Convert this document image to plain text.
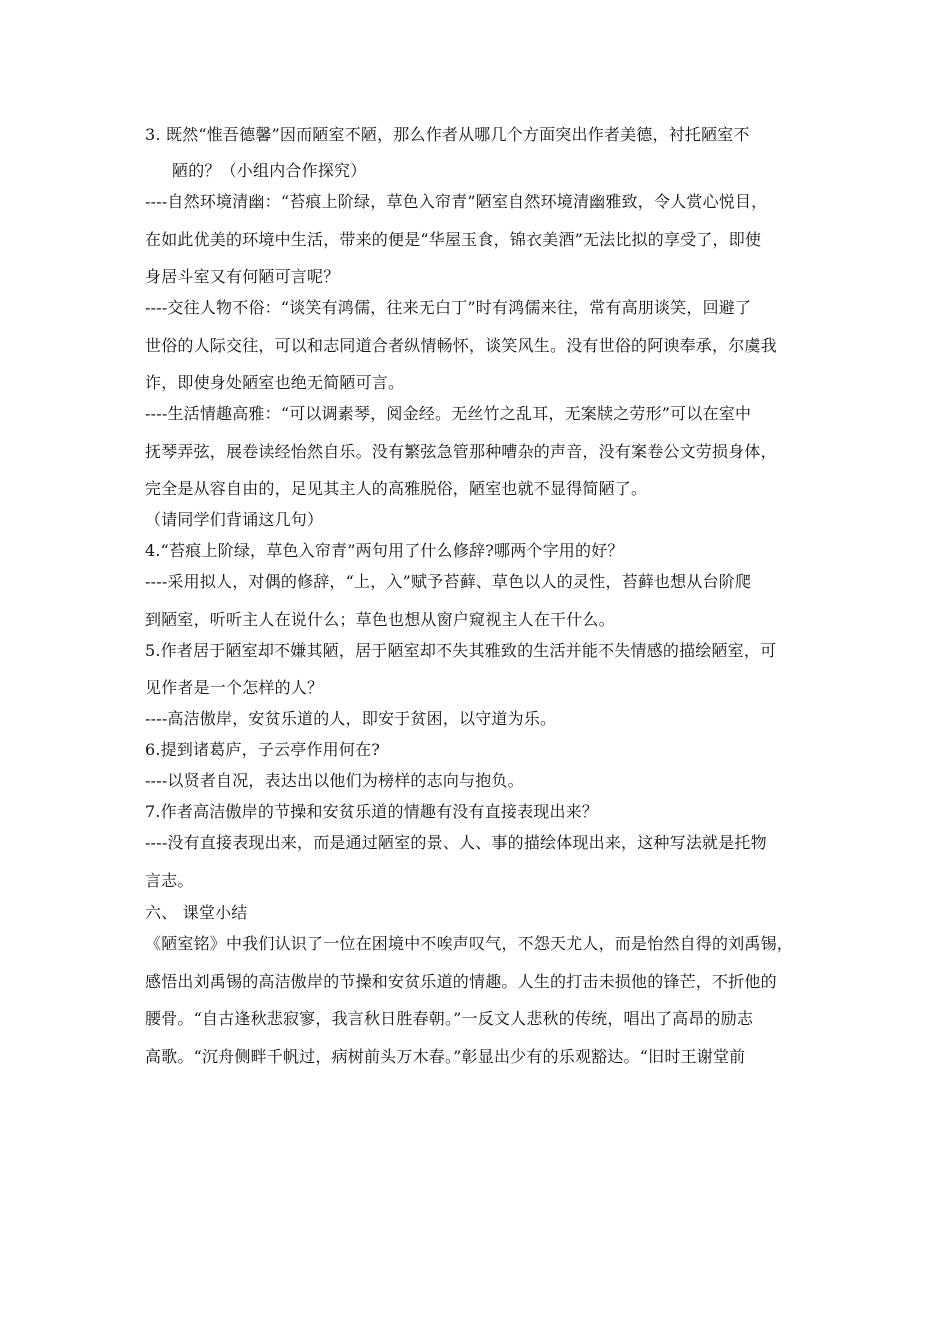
3. 既然“惟吾德馨”因而陋室不陋，那么作者从哪几个方面突出作者美德，衬托陋室不

陋的？（小组内合作探究）

----自然环境清幽：“苔痕上阶绿，草色入帘青”陋室自然环境清幽雅致，令人赏心悦目，

在如此优美的环境中生活，带来的便是“华屋玉食，锦衣美酒”无法比拟的享受了，即使

身居斗室又有何陋可言呢？

----交往人物不俗：“谈笑有鸿儒，往来无白丁”时有鸿儒来往，常有高朋谈笑，回避了

世俗的人际交往，可以和志同道合者纵情畅怀，谈笑风生。没有世俗的阿谀奉承，尔虞我

诈，即使身处陋室也绝无简陋可言。

----生活情趣高雅：“可以调素琴，阅金经。无丝竹之乱耳，无案牍之劳形”可以在室中

抚琴弄弦，展卷读经怡然自乐。没有繁弦急管那种嘈杂的声音，没有案卷公文劳损身体，

完全是从容自由的，足见其主人的高雅脱俗，陋室也就不显得简陋了。

（请同学们背诵这几句）

4.“苔痕上阶绿，草色入帘青”两句用了什么修辞?哪两个字用的好？

----采用拟人，对偶的修辞，“上，入”赋予苔藓、草色以人的灵性，苔藓也想从台阶爬

到陋室，听听主人在说什么；草色也想从窗户窥视主人在干什么。

5.作者居于陋室却不嫌其陋，居于陋室却不失其雅致的生活并能不失情感的描绘陋室，可

见作者是一个怎样的人？

----高洁傲岸，安贫乐道的人，即安于贫困，以守道为乐。

6.提到诸葛庐，子云亭作用何在?

----以贤者自况，表达出以他们为榜样的志向与抱负。

7.作者高洁傲岸的节操和安贫乐道的情趣有没有直接表现出来？

----没有直接表现出来，而是通过陋室的景、人、事的描绘体现出来，这种写法就是托物

言志。

六、 课堂小结

《陋室铭》中我们认识了一位在困境中不唉声叹气，不怨天尤人，而是怡然自得的刘禹锡，

感悟出刘禹锡的高洁傲岸的节操和安贫乐道的情趣。人生的打击未损他的锋芒，不折他的

腰骨。“自古逢秋悲寂寥，我言秋日胜春朝。”一反文人悲秋的传统，唱出了高昂的励志

高歌。“沉舟侧畔千帆过，病树前头万木春。”彰显出少有的乐观豁达。“旧时王谢堂前
